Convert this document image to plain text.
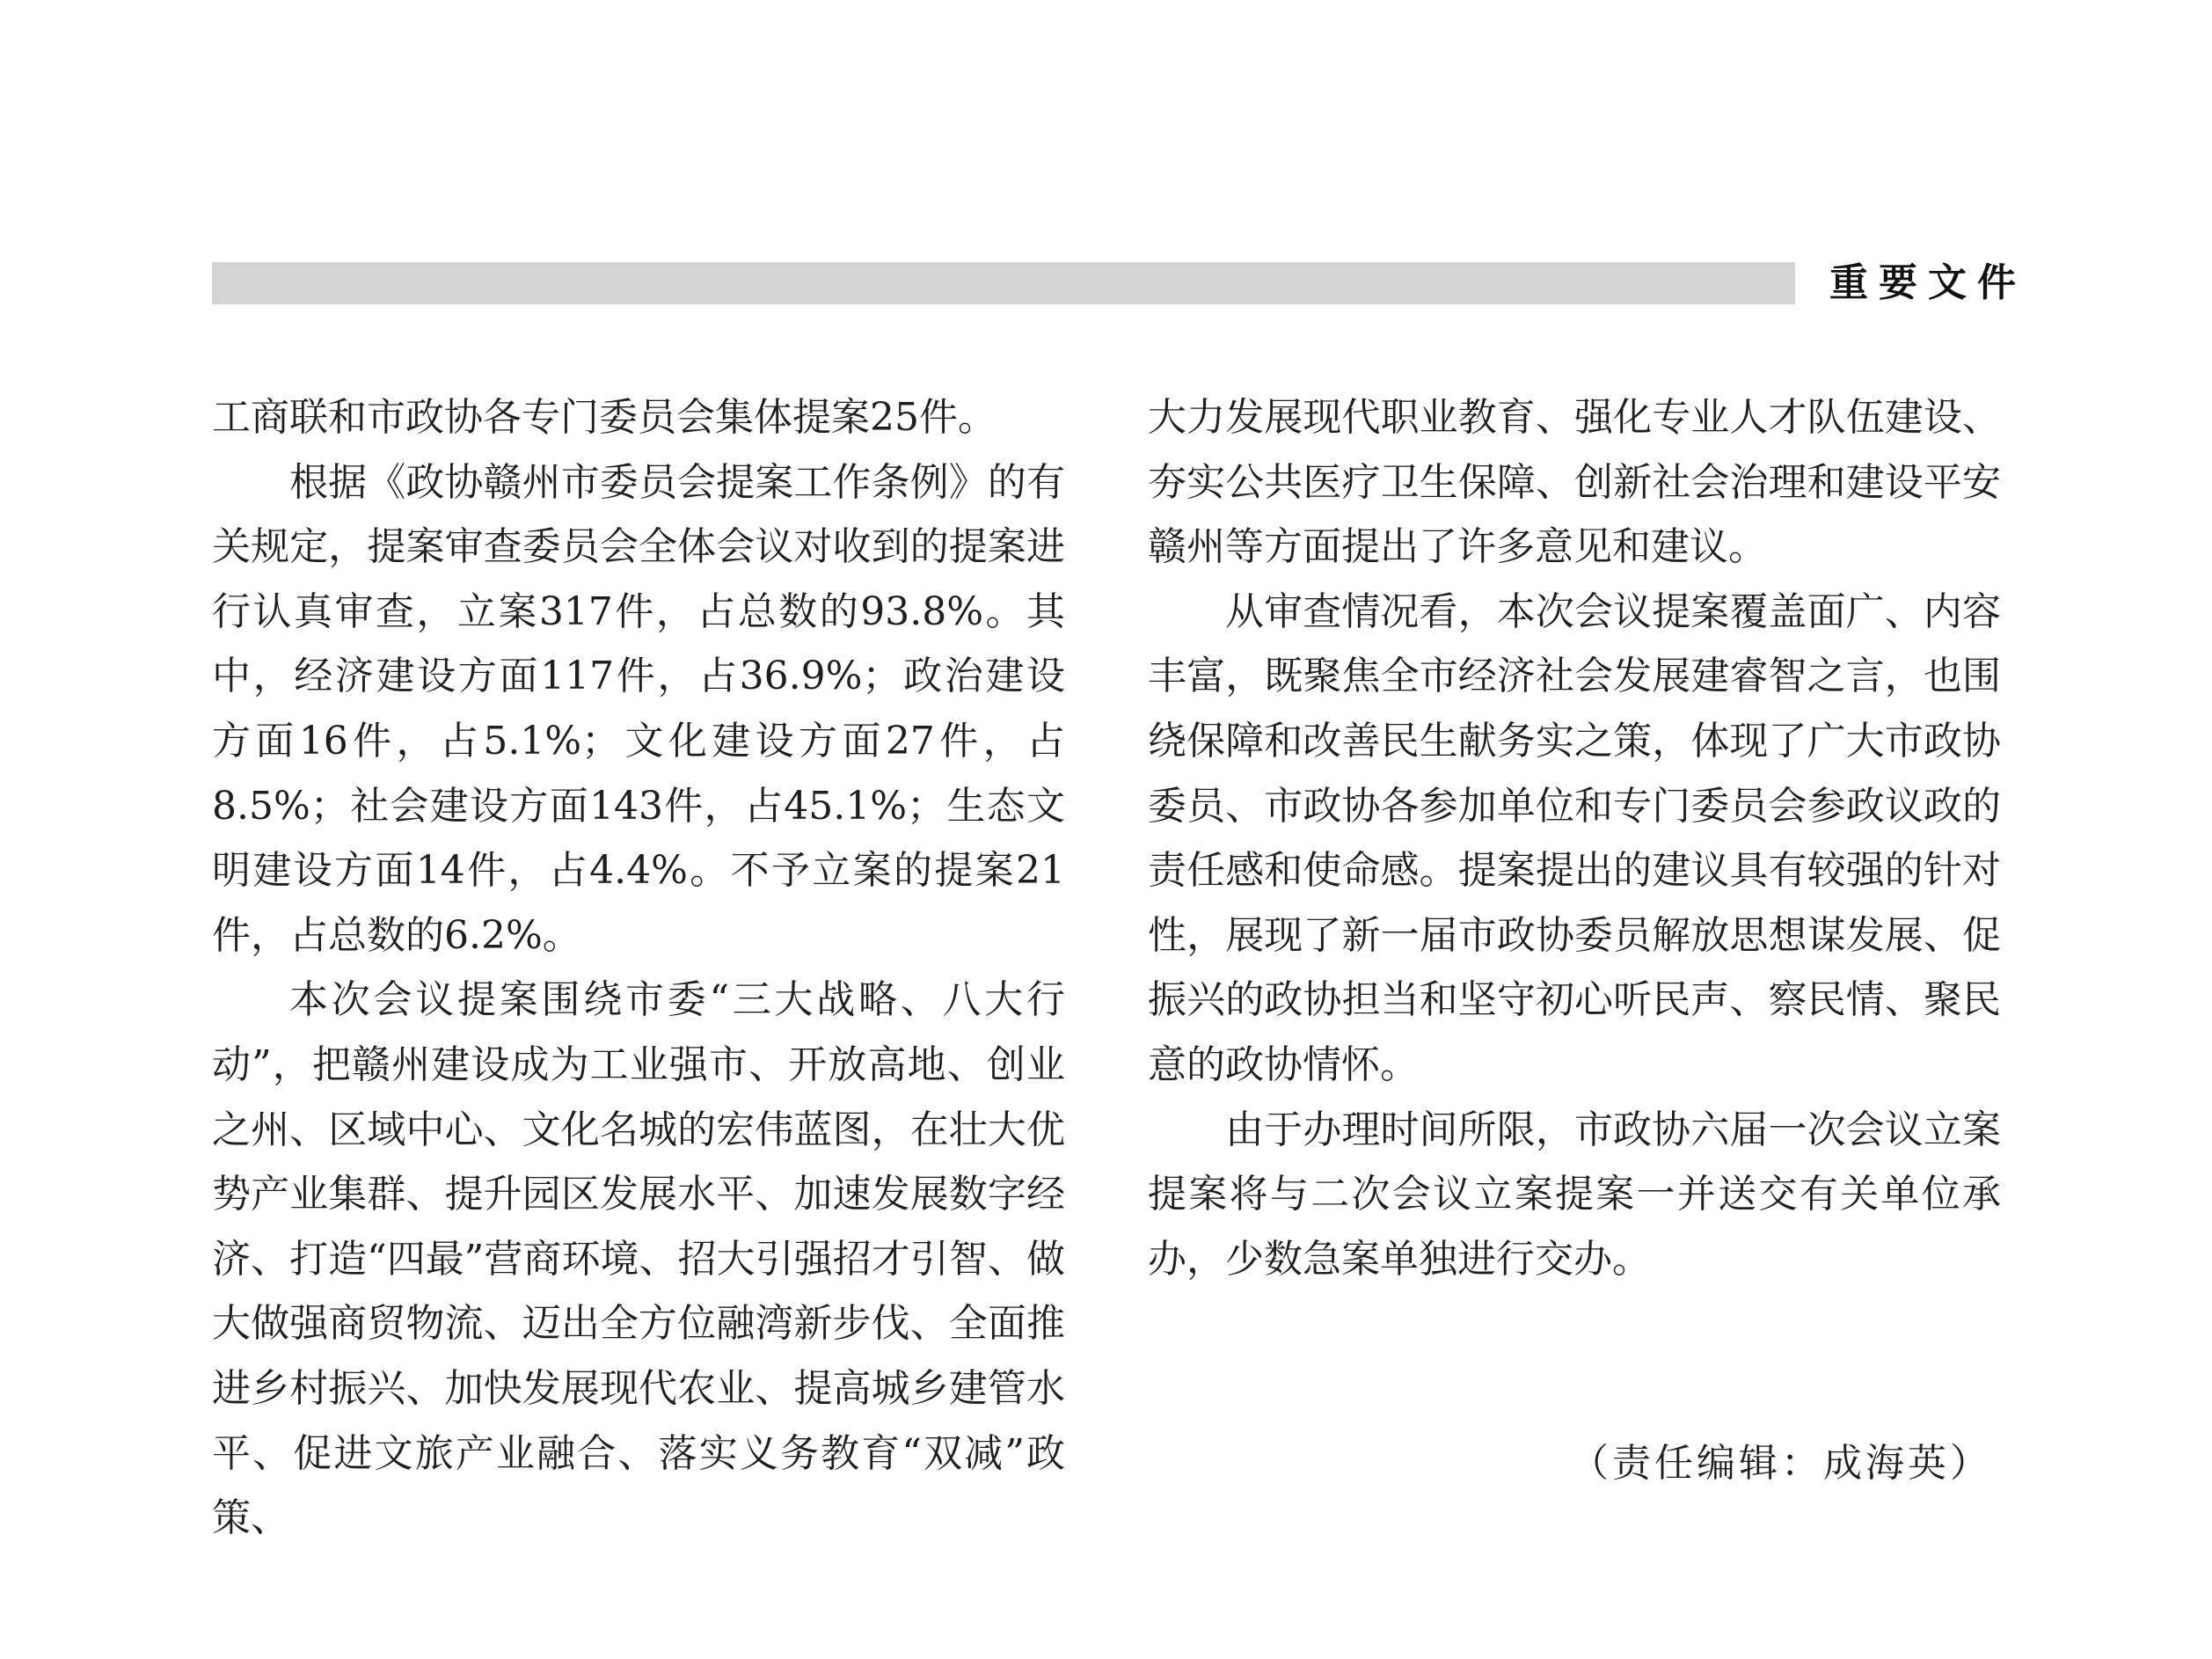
重要文件

工商联和市政协各专门委员会集体提案25件。

根据《政协赣州市委员会提案工作条例》的有关规定，提案审查委员会全体会议对收到的提案进行认真审查，立案317件，占总数的93.8%。其中，经济建设方面117件，占36.9%；政治建设方面16件，占5.1%；文化建设方面27件，占8.5%；社会建设方面143件，占45.1%；生态文明建设方面14件，占4.4%。不予立案的提案21件，占总数的6.2%。

本次会议提案围绕市委“三大战略、八大行动”，把赣州建设成为工业强市、开放高地、创业之州、区域中心、文化名城的宏伟蓝图，在壮大优势产业集群、提升园区发展水平、加速发展数字经济、打造“四最”营商环境、招大引强招才引智、做大做强商贸物流、迈出全方位融湾新步伐、全面推进乡村振兴、加快发展现代农业、提高城乡建管水平、促进文旅产业融合、落实义务教育“双减”政策、

大力发展现代职业教育、强化专业人才队伍建设、夯实公共医疗卫生保障、创新社会治理和建设平安赣州等方面提出了许多意见和建议。

从审查情况看，本次会议提案覆盖面广、内容丰富，既聚焦全市经济社会发展建睿智之言，也围绕保障和改善民生献务实之策，体现了广大市政协委员、市政协各参加单位和专门委员会参政议政的责任感和使命感。提案提出的建议具有较强的针对性，展现了新一届市政协委员解放思想谋发展、促振兴的政协担当和坚守初心听民声、察民情、聚民意的政协情怀。

由于办理时间所限，市政协六届一次会议立案提案将与二次会议立案提案一并送交有关单位承办，少数急案单独进行交办。

（责任编辑：成海英）
